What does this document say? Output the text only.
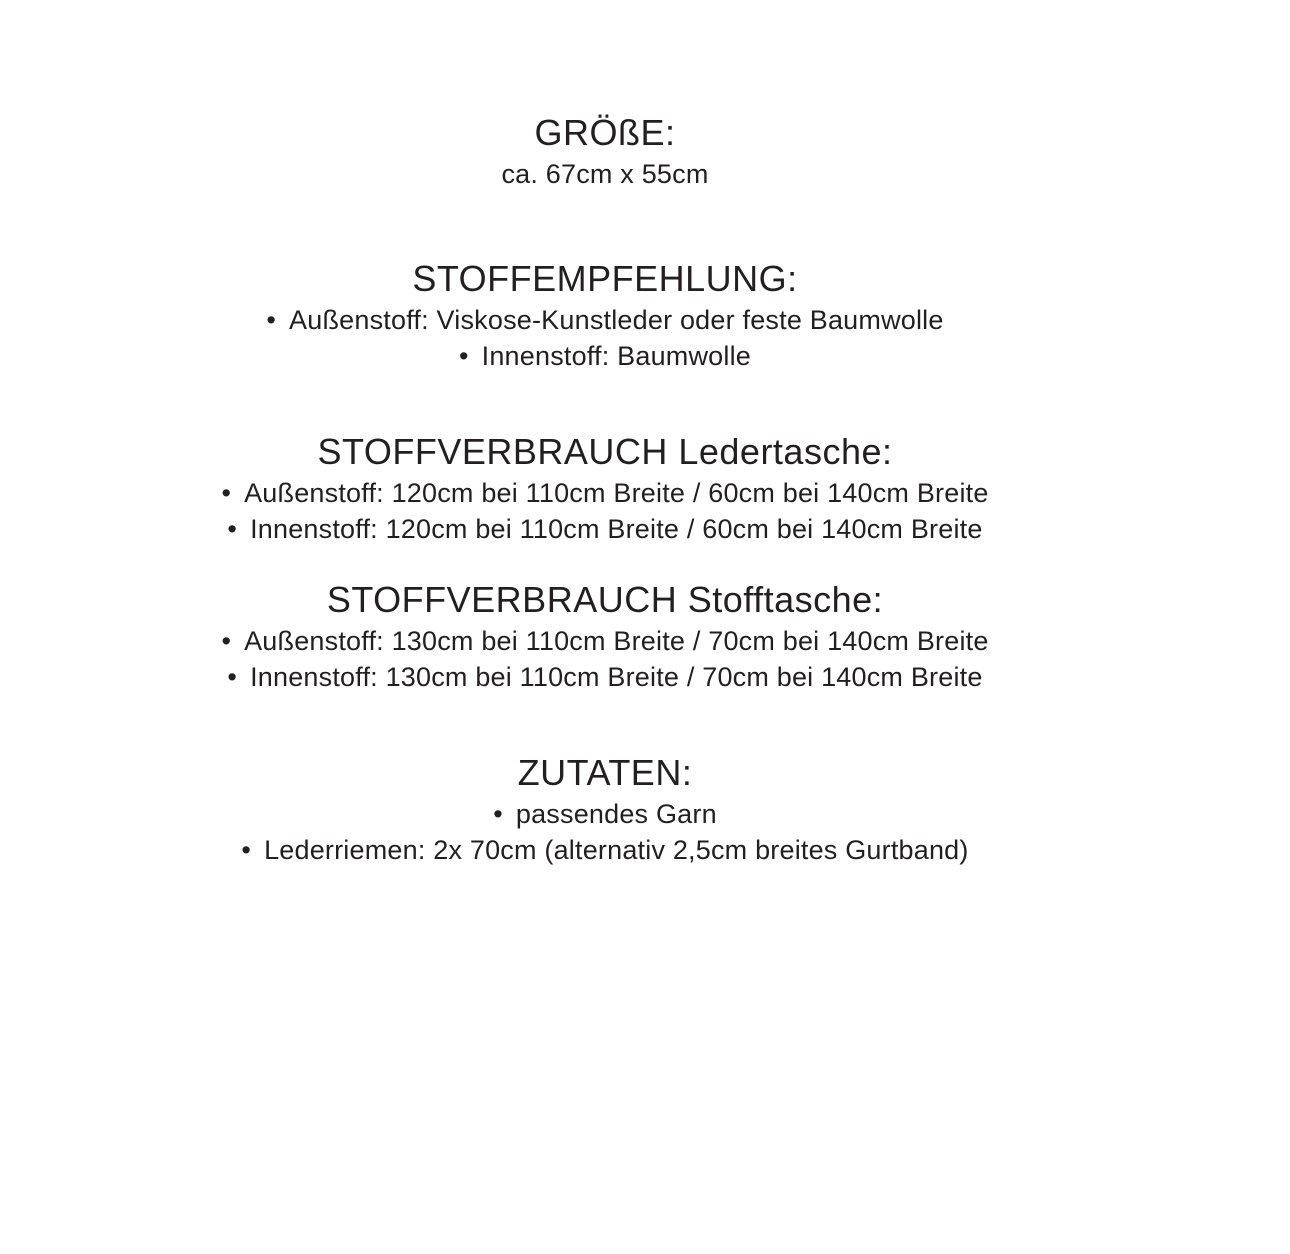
GRÖßE:
ca. 67cm x 55cm
STOFFEMPFEHLUNG:
• Außenstoff: Viskose-Kunstleder oder feste Baumwolle
• Innenstoff: Baumwolle
STOFFVERBRAUCH Ledertasche:
• Außenstoff: 120cm bei 110cm Breite / 60cm bei 140cm Breite
• Innenstoff: 120cm bei 110cm Breite / 60cm bei 140cm Breite
STOFFVERBRAUCH Stofftasche:
• Außenstoff: 130cm bei 110cm Breite / 70cm bei 140cm Breite
• Innenstoff: 130cm bei 110cm Breite / 70cm bei 140cm Breite
ZUTATEN:
• passendes Garn
• Lederriemen: 2x 70cm (alternativ 2,5cm breites Gurtband)
